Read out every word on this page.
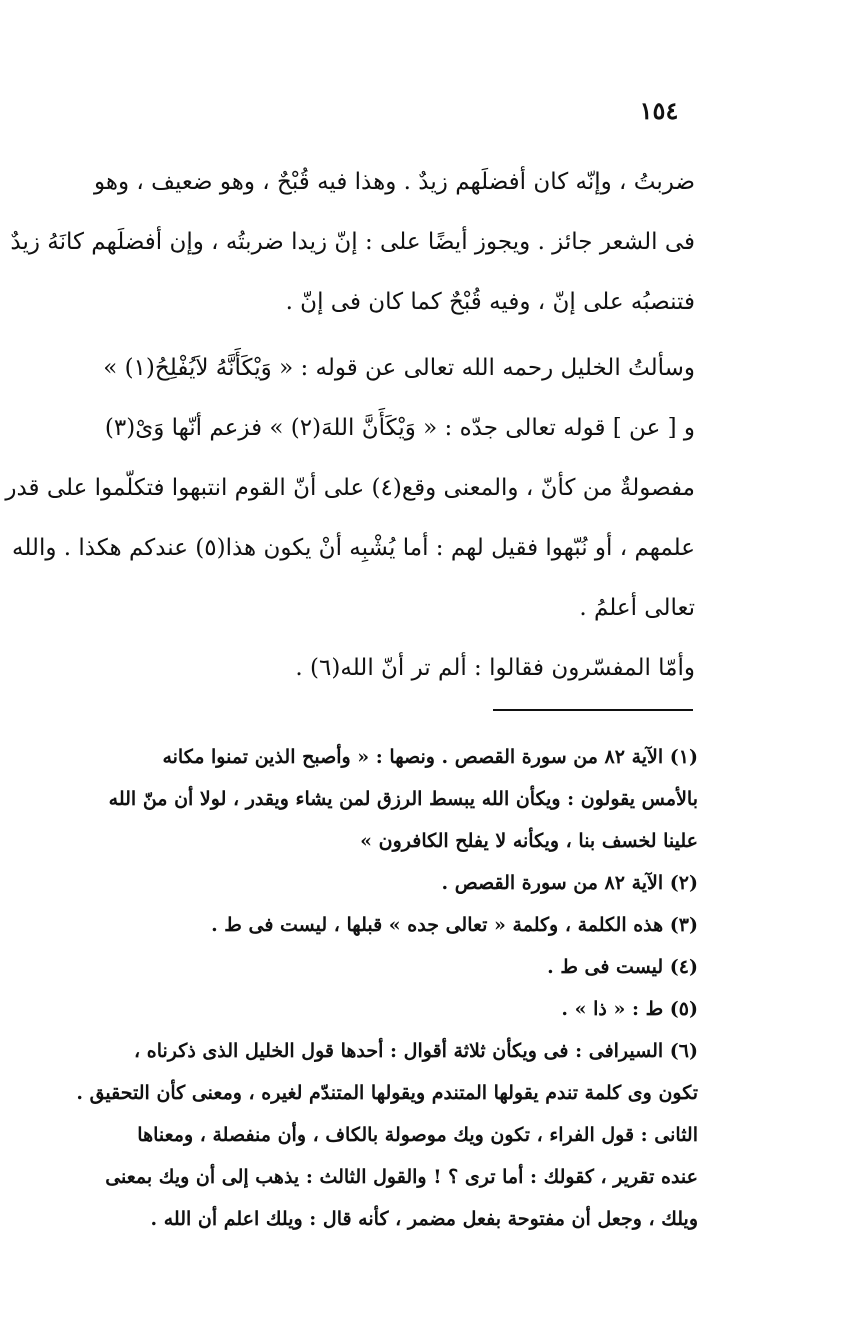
١٥٤
ضربتُ ، وإنّه كان أفضلَهم زيدٌ . وهذا فيه قُبْحٌ ، وهو ضعيف ، وهو
فى الشعر جائز . ويجوز أيضًا على : إنّ زيدا ضربتُه ، وإن أفضلَهم كانَهُ زيدٌ
فتنصبُه على إنّ ، وفيه قُبْحٌ كما كان فى إنّ .
وسألتُ الخليل رحمه الله تعالى عن قوله : « وَيْكَأَنَّهُ لاَيُفْلِحُ(١) »
و [ عن ] قوله تعالى جدّه : « وَيْكَأَنَّ اللهَ(٢) » فزعم أنّها وَىْ(٣)
مفصولةٌ من كأنّ ، والمعنى وقع(٤) على أنّ القوم انتبهوا فتكلّموا على قدر
علمهم ، أو نُبّهوا فقيل لهم : أما يُشْبِه أنْ يكون هذا(٥) عندكم هكذا . والله
تعالى أعلمُ .
وأمّا المفسّرون فقالوا : ألم تر أنّ الله(٦) .
(١) الآية ٨٢ من سورة القصص . ونصها : « وأصبح الذين تمنوا مكانه
بالأمس يقولون : ويكأن الله يبسط الرزق لمن يشاء ويقدر ، لولا أن منّ الله
علينا لخسف بنا ، ويكأنه لا يفلح الكافرون »
(٢) الآية ٨٢ من سورة القصص .
(٣) هذه الكلمة ، وكلمة « تعالى جده » قبلها ، ليست فى ط .
(٤) ليست فى ط .
(٥) ط : « ذا » .
(٦) السيرافى : فى ويكأن ثلاثة أقوال : أحدها قول الخليل الذى ذكرناه ،
تكون وى كلمة تندم يقولها المتندم ويقولها المتندّم لغيره ، ومعنى كأن التحقيق .
الثانى : قول الفراء ، تكون ويك موصولة بالكاف ، وأن منفصلة ، ومعناها
عنده تقرير ، كقولك : أما ترى ؟ ! والقول الثالث : يذهب إلى أن ويك بمعنى
ويلك ، وجعل أن مفتوحة بفعل مضمر ، كأنه قال : ويلك اعلم أن الله .
